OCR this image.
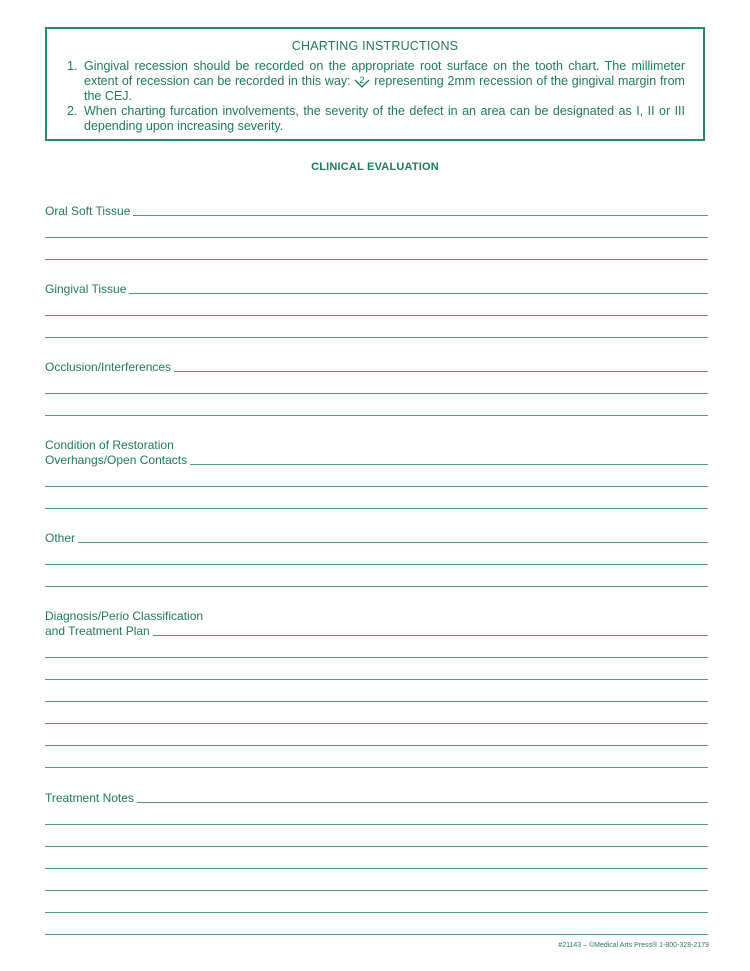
CHARTING INSTRUCTIONS
1. Gingival recession should be recorded on the appropriate root surface on the tooth chart. The millimeter extent of recession can be recorded in this way: 2 representing 2mm recession of the gingival margin from the CEJ.
2. When charting furcation involvements, the severity of the defect in an area can be designated as I, II or III depending upon increasing severity.
CLINICAL EVALUATION
Oral Soft Tissue
Gingival Tissue
Occlusion/Interferences
Condition of Restoration
Overhangs/Open Contacts
Other
Diagnosis/Perio Classification
and Treatment Plan
Treatment Notes
#21143 – ©Medical Arts Press® 1-800-328-2179
